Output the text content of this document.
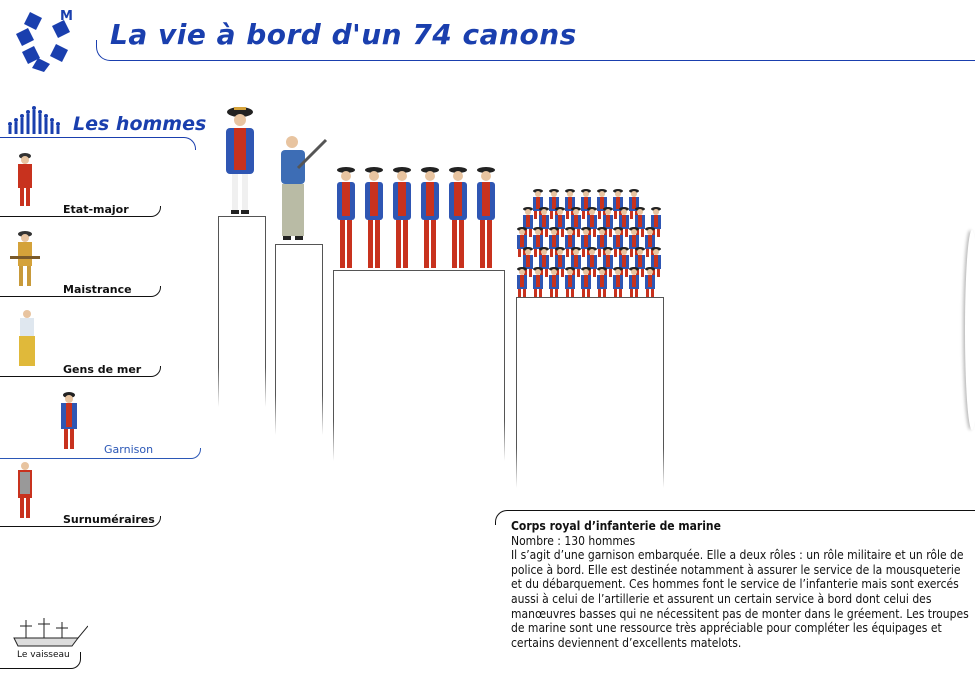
M
La vie à bord d'un 74 canons
Les hommes
Etat-major
Maistrance
Gens de mer
Garnison
Surnuméraires
Le vaisseau
Corps royal d’infanterie de marine
Nombre : 130 hommes
Il s’agit d’une garnison embarquée. Elle a deux rôles : un rôle militaire et un rôle de police à bord. Elle est destinée notamment à assurer le service de la mousqueterie et du débarquement. Ces hommes font le service de l’infanterie mais sont exercés aussi à celui de l’artillerie et assurent un certain service à bord dont celui des manœuvres basses qui ne nécessitent pas de monter dans le gréement. Les troupes de marine sont une ressource très appréciable pour compléter les équipages et certains deviennent d’excellents matelots.
